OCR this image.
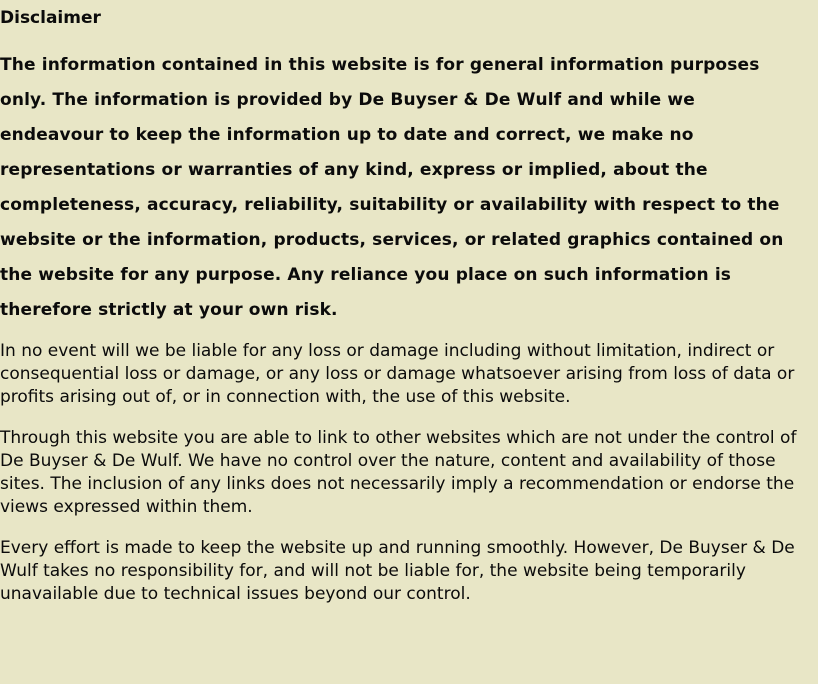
Disclaimer

The information contained in this website is for general information purposes only. The information is provided by De Buyser & De Wulf and while we endeavour to keep the information up to date and correct, we make no representations or warranties of any kind, express or implied, about the completeness, accuracy, reliability, suitability or availability with respect to the website or the information, products, services, or related graphics contained on the website for any purpose. Any reliance you place on such information is therefore strictly at your own risk.

In no event will we be liable for any loss or damage including without limitation, indirect or consequential loss or damage, or any loss or damage whatsoever arising from loss of data or profits arising out of, or in connection with, the use of this website.

Through this website you are able to link to other websites which are not under the control of De Buyser & De Wulf. We have no control over the nature, content and availability of those sites. The inclusion of any links does not necessarily imply a recommendation or endorse the views expressed within them.

Every effort is made to keep the website up and running smoothly. However, De Buyser & De Wulf takes no responsibility for, and will not be liable for, the website being temporarily unavailable due to technical issues beyond our control.
